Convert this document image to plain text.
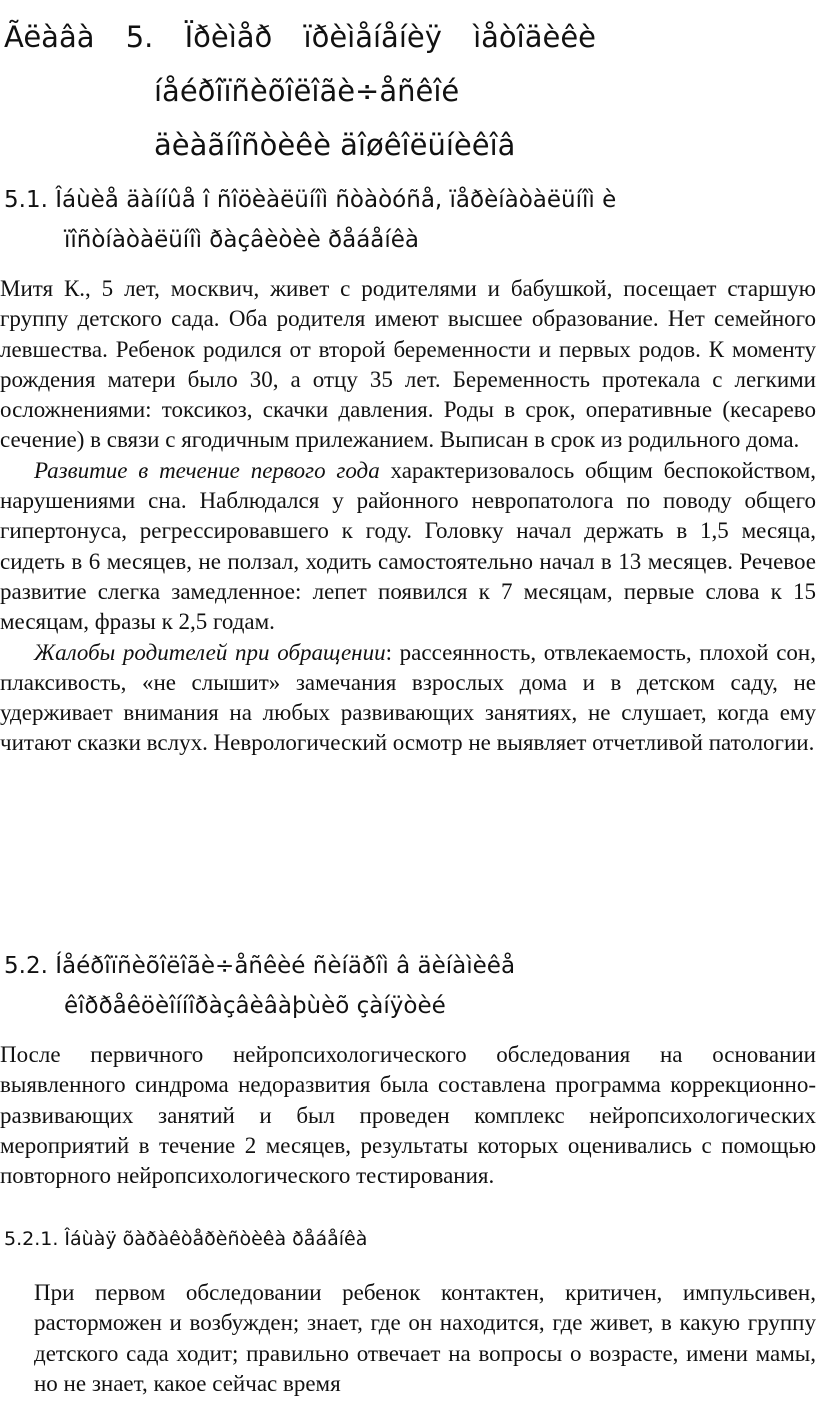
Ãëàâà 5. Ïðèìåð ïðèìåíåíèÿ ìåòîäèêè
íåéðîïñèõîëîãè÷åñêîé
äèàãíîñòèêè äîøêîëüíèêîâ
5.1. Îáùèå äàííûå î ñîöèàëüíîì ñòàòóñå, ïåðèíàòàëüíîì è
ïîñòíàòàëüíîì ðàçâèòèè ðåáåíêà

Митя К., 5 лет, москвич, живет с родителями и бабушкой, посещает старшую группу детского сада. Оба родителя имеют высшее образование. Нет семейного левшества. Ребенок родился от второй беременности и первых родов. К моменту рождения матери было 30, а отцу 35 лет. Беременность протекала с легкими осложнениями: токсикоз, скачки давления. Роды в срок, оперативные (кесарево сечение) в связи с ягодичным прилежанием. Выписан в срок из родильного дома.

Развитие в течение первого года характеризовалось общим беспокойством, нарушениями сна. Наблюдался у районного невропатолога по поводу общего гипертонуса, регрессировавшего к году. Головку начал держать в 1,5 месяца, сидеть в 6 месяцев, не ползал, ходить самостоятельно начал в 13 месяцев. Речевое развитие слегка замедленное: лепет появился к 7 месяцам, первые слова к 15 месяцам, фразы к 2,5 годам.

Жалобы родителей при обращении: рассеянность, отвлекаемость, плохой сон, плаксивость, «не слышит» замечания взрослых дома и в детском саду, не удерживает внимания на любых развивающих занятиях, не слушает, когда ему читают сказки вслух. Неврологический осмотр не выявляет отчетливой патологии.

5.2. Íåéðîïñèõîëîãè÷åñêèé ñèíäðîì â äèíàìèêå
êîððåêöèîííîðàçâèâàþùèõ çàíÿòèé

После первичного нейропсихологического обследования на основании выявленного синдрома недоразвития была составлена программа коррекционно-развивающих занятий и был проведен комплекс нейропсихологических мероприятий в течение 2 месяцев, результаты которых оценивались с помощью повторного нейропсихологического тестирования.

5.2.1. Îáùàÿ õàðàêòåðèñòèêà ðåáåíêà

При первом обследовании ребенок контактен, критичен, импульсивен, расторможен и возбужден; знает, где он находится, где живет, в какую группу детского сада ходит; правильно отвечает на вопросы о возрасте, имени мамы, но не знает, какое сейчас время
